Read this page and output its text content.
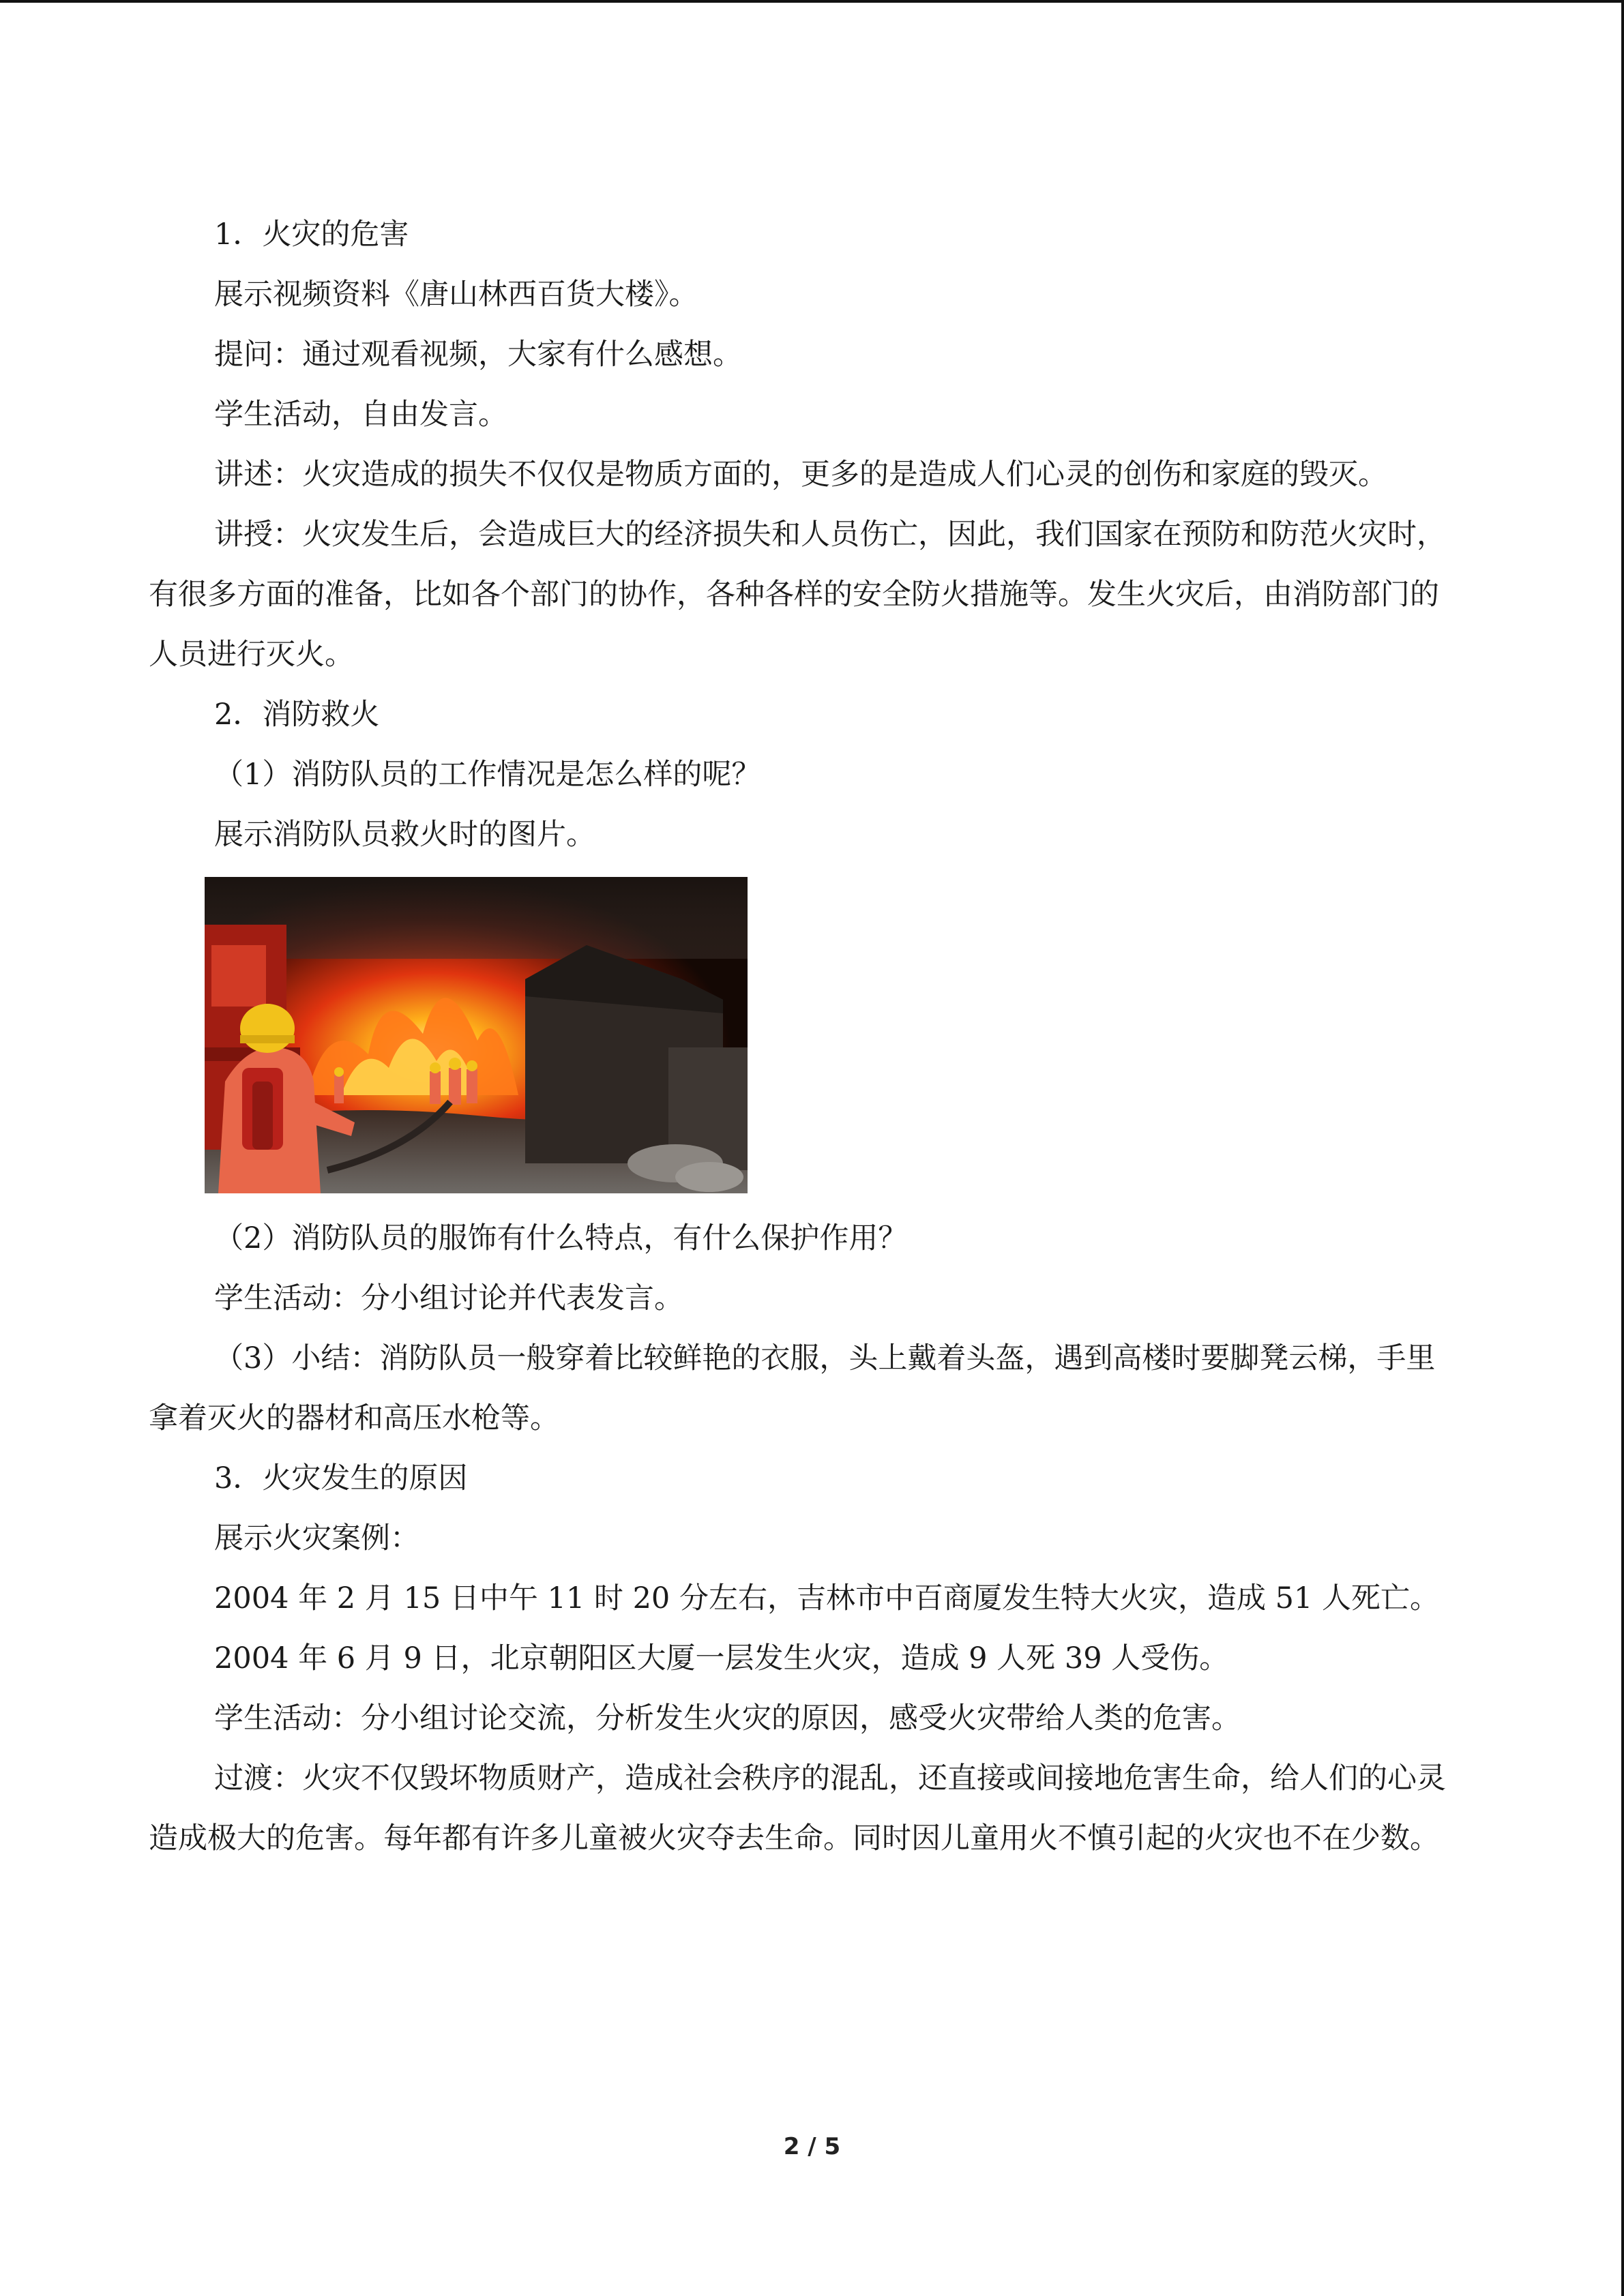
1．火灾的危害

展示视频资料《唐山林西百货大楼》。

提问：通过观看视频，大家有什么感想。

学生活动，自由发言。

讲述：火灾造成的损失不仅仅是物质方面的，更多的是造成人们心灵的创伤和家庭的毁灭。

讲授：火灾发生后，会造成巨大的经济损失和人员伤亡，因此，我们国家在预防和防范火灾时，有很多方面的准备，比如各个部门的协作，各种各样的安全防火措施等。发生火灾后，由消防部门的人员进行灭火。

2．消防救火

（1）消防队员的工作情况是怎么样的呢？

展示消防队员救火时的图片。

（2）消防队员的服饰有什么特点，有什么保护作用？

学生活动：分小组讨论并代表发言。

（3）小结：消防队员一般穿着比较鲜艳的衣服，头上戴着头盔，遇到高楼时要脚凳云梯，手里拿着灭火的器材和高压水枪等。

3．火灾发生的原因

展示火灾案例：

2004 年 2 月 15 日中午 11 时 20 分左右，吉林市中百商厦发生特大火灾，造成 51 人死亡。

2004 年 6 月 9 日，北京朝阳区大厦一层发生火灾，造成 9 人死 39 人受伤。

学生活动：分小组讨论交流，分析发生火灾的原因，感受火灾带给人类的危害。

过渡：火灾不仅毁坏物质财产，造成社会秩序的混乱，还直接或间接地危害生命，给人们的心灵造成极大的危害。每年都有许多儿童被火灾夺去生命。同时因儿童用火不慎引起的火灾也不在少数。

2 / 5
